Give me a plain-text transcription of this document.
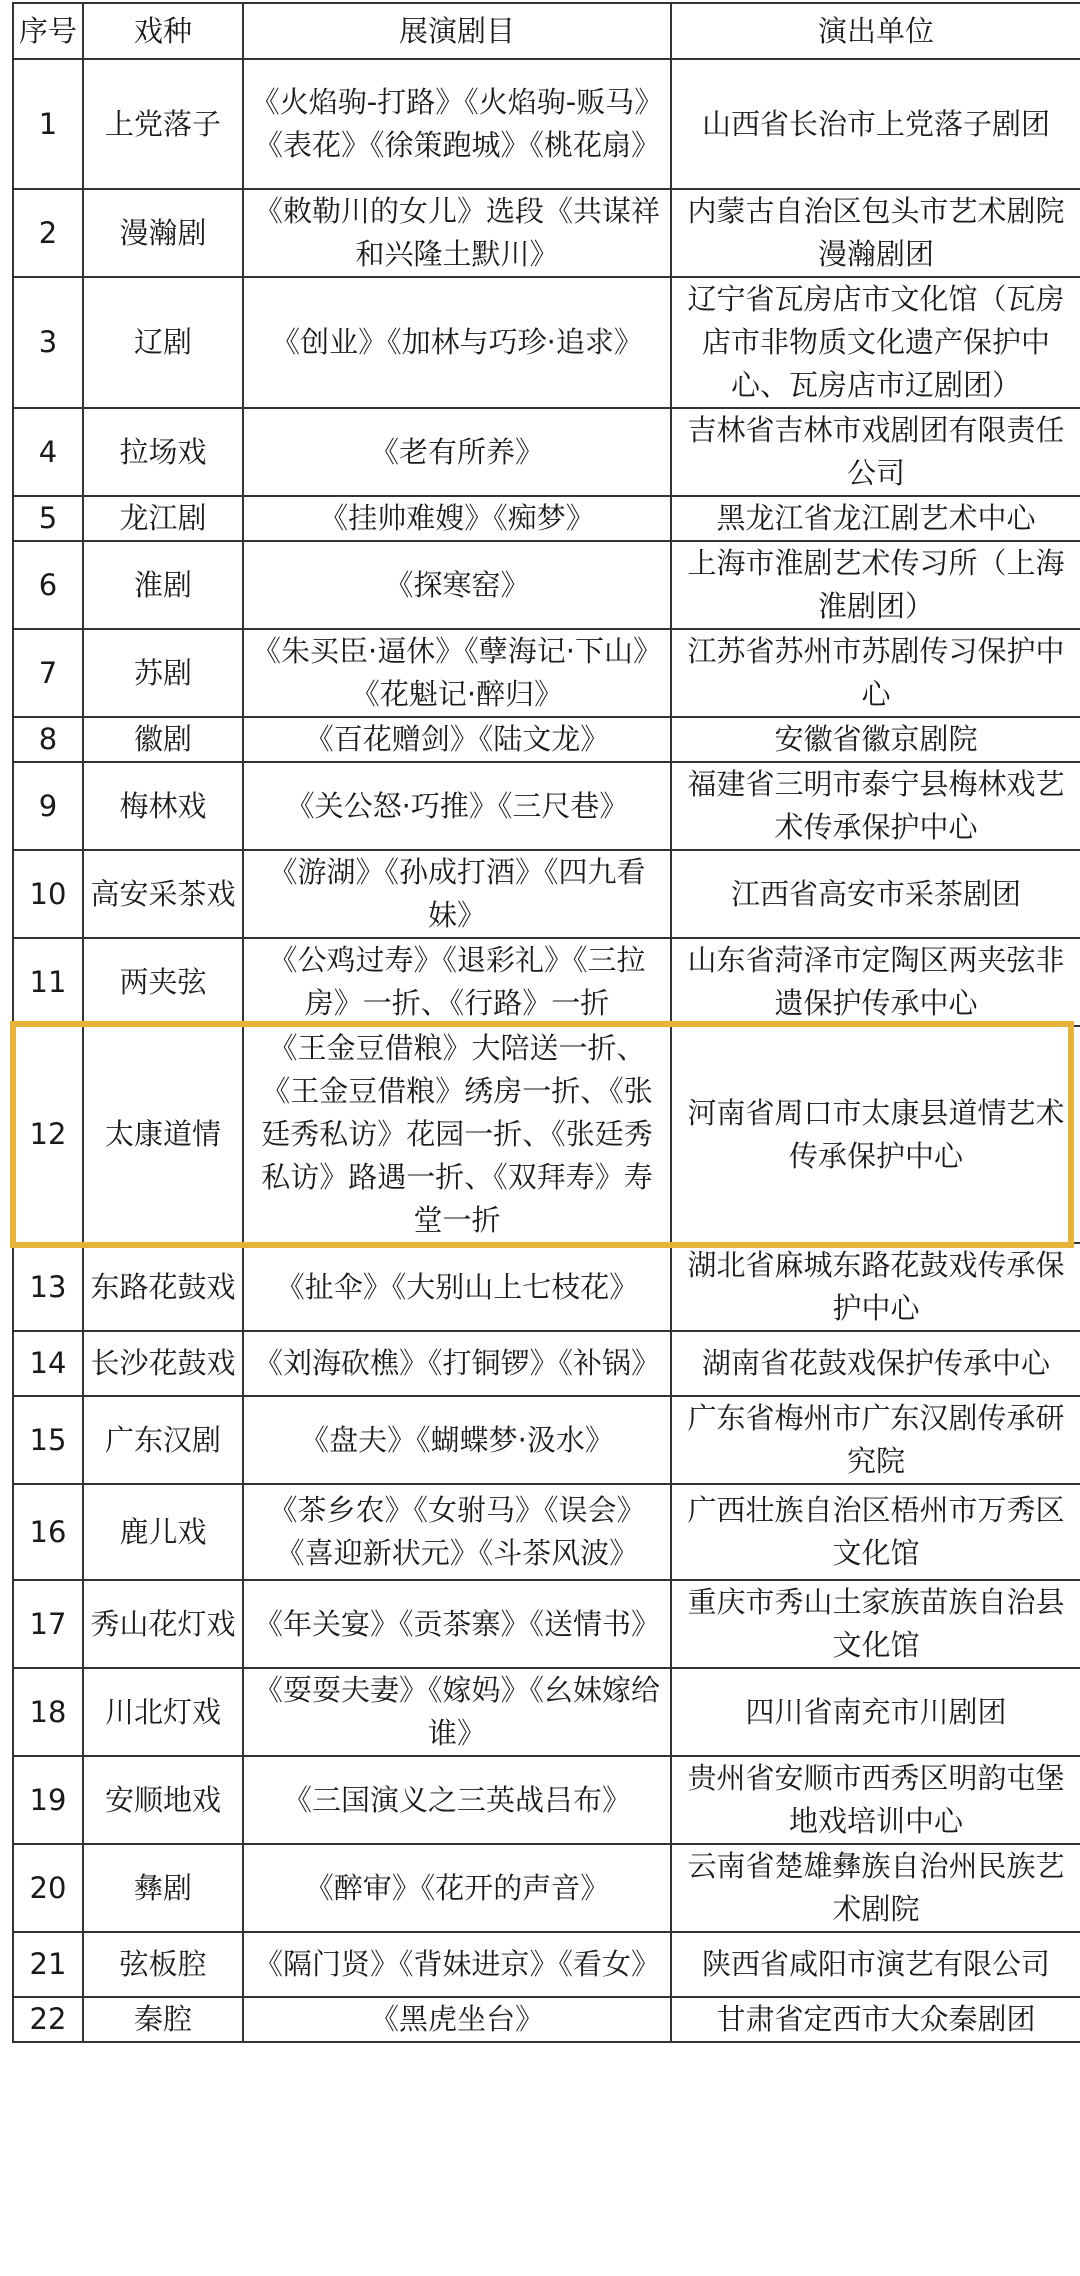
序号	戏种	展演剧目	演出单位
1	上党落子	《火焰驹-打路》《火焰驹-贩马》《表花》《徐策跑城》《桃花扇》	山西省长治市上党落子剧团
2	漫瀚剧	《敕勒川的女儿》选段《共谋祥和兴隆土默川》	内蒙古自治区包头市艺术剧院漫瀚剧团
3	辽剧	《创业》《加林与巧珍·追求》	辽宁省瓦房店市文化馆（瓦房店市非物质文化遗产保护中心、瓦房店市辽剧团）
4	拉场戏	《老有所养》	吉林省吉林市戏剧团有限责任公司
5	龙江剧	《挂帅难嫂》《痴梦》	黑龙江省龙江剧艺术中心
6	淮剧	《探寒窑》	上海市淮剧艺术传习所（上海淮剧团）
7	苏剧	《朱买臣·逼休》《孽海记·下山》《花魁记·醉归》	江苏省苏州市苏剧传习保护中心
8	徽剧	《百花赠剑》《陆文龙》	安徽省徽京剧院
9	梅林戏	《关公怒·巧推》《三尺巷》	福建省三明市泰宁县梅林戏艺术传承保护中心
10	高安采茶戏	《游湖》《孙成打酒》《四九看妹》	江西省高安市采茶剧团
11	两夹弦	《公鸡过寿》《退彩礼》《三拉房》一折、《行路》一折	山东省菏泽市定陶区两夹弦非遗保护传承中心
12	太康道情	《王金豆借粮》大陪送一折、《王金豆借粮》绣房一折、《张廷秀私访》花园一折、《张廷秀私访》路遇一折、《双拜寿》寿堂一折	河南省周口市太康县道情艺术传承保护中心
13	东路花鼓戏	《扯伞》《大别山上七枝花》	湖北省麻城东路花鼓戏传承保护中心
14	长沙花鼓戏	《刘海砍樵》《打铜锣》《补锅》	湖南省花鼓戏保护传承中心
15	广东汉剧	《盘夫》《蝴蝶梦·汲水》	广东省梅州市广东汉剧传承研究院
16	鹿儿戏	《茶乡农》《女驸马》《误会》《喜迎新状元》《斗茶风波》	广西壮族自治区梧州市万秀区文化馆
17	秀山花灯戏	《年关宴》《贡茶寨》《送情书》	重庆市秀山土家族苗族自治县文化馆
18	川北灯戏	《耍耍夫妻》《嫁妈》《幺妹嫁给谁》	四川省南充市川剧团
19	安顺地戏	《三国演义之三英战吕布》	贵州省安顺市西秀区明韵屯堡地戏培训中心
20	彝剧	《醉审》《花开的声音》	云南省楚雄彝族自治州民族艺术剧院
21	弦板腔	《隔门贤》《背妹进京》《看女》	陕西省咸阳市演艺有限公司
22	秦腔	《黑虎坐台》	甘肃省定西市大众秦剧团
